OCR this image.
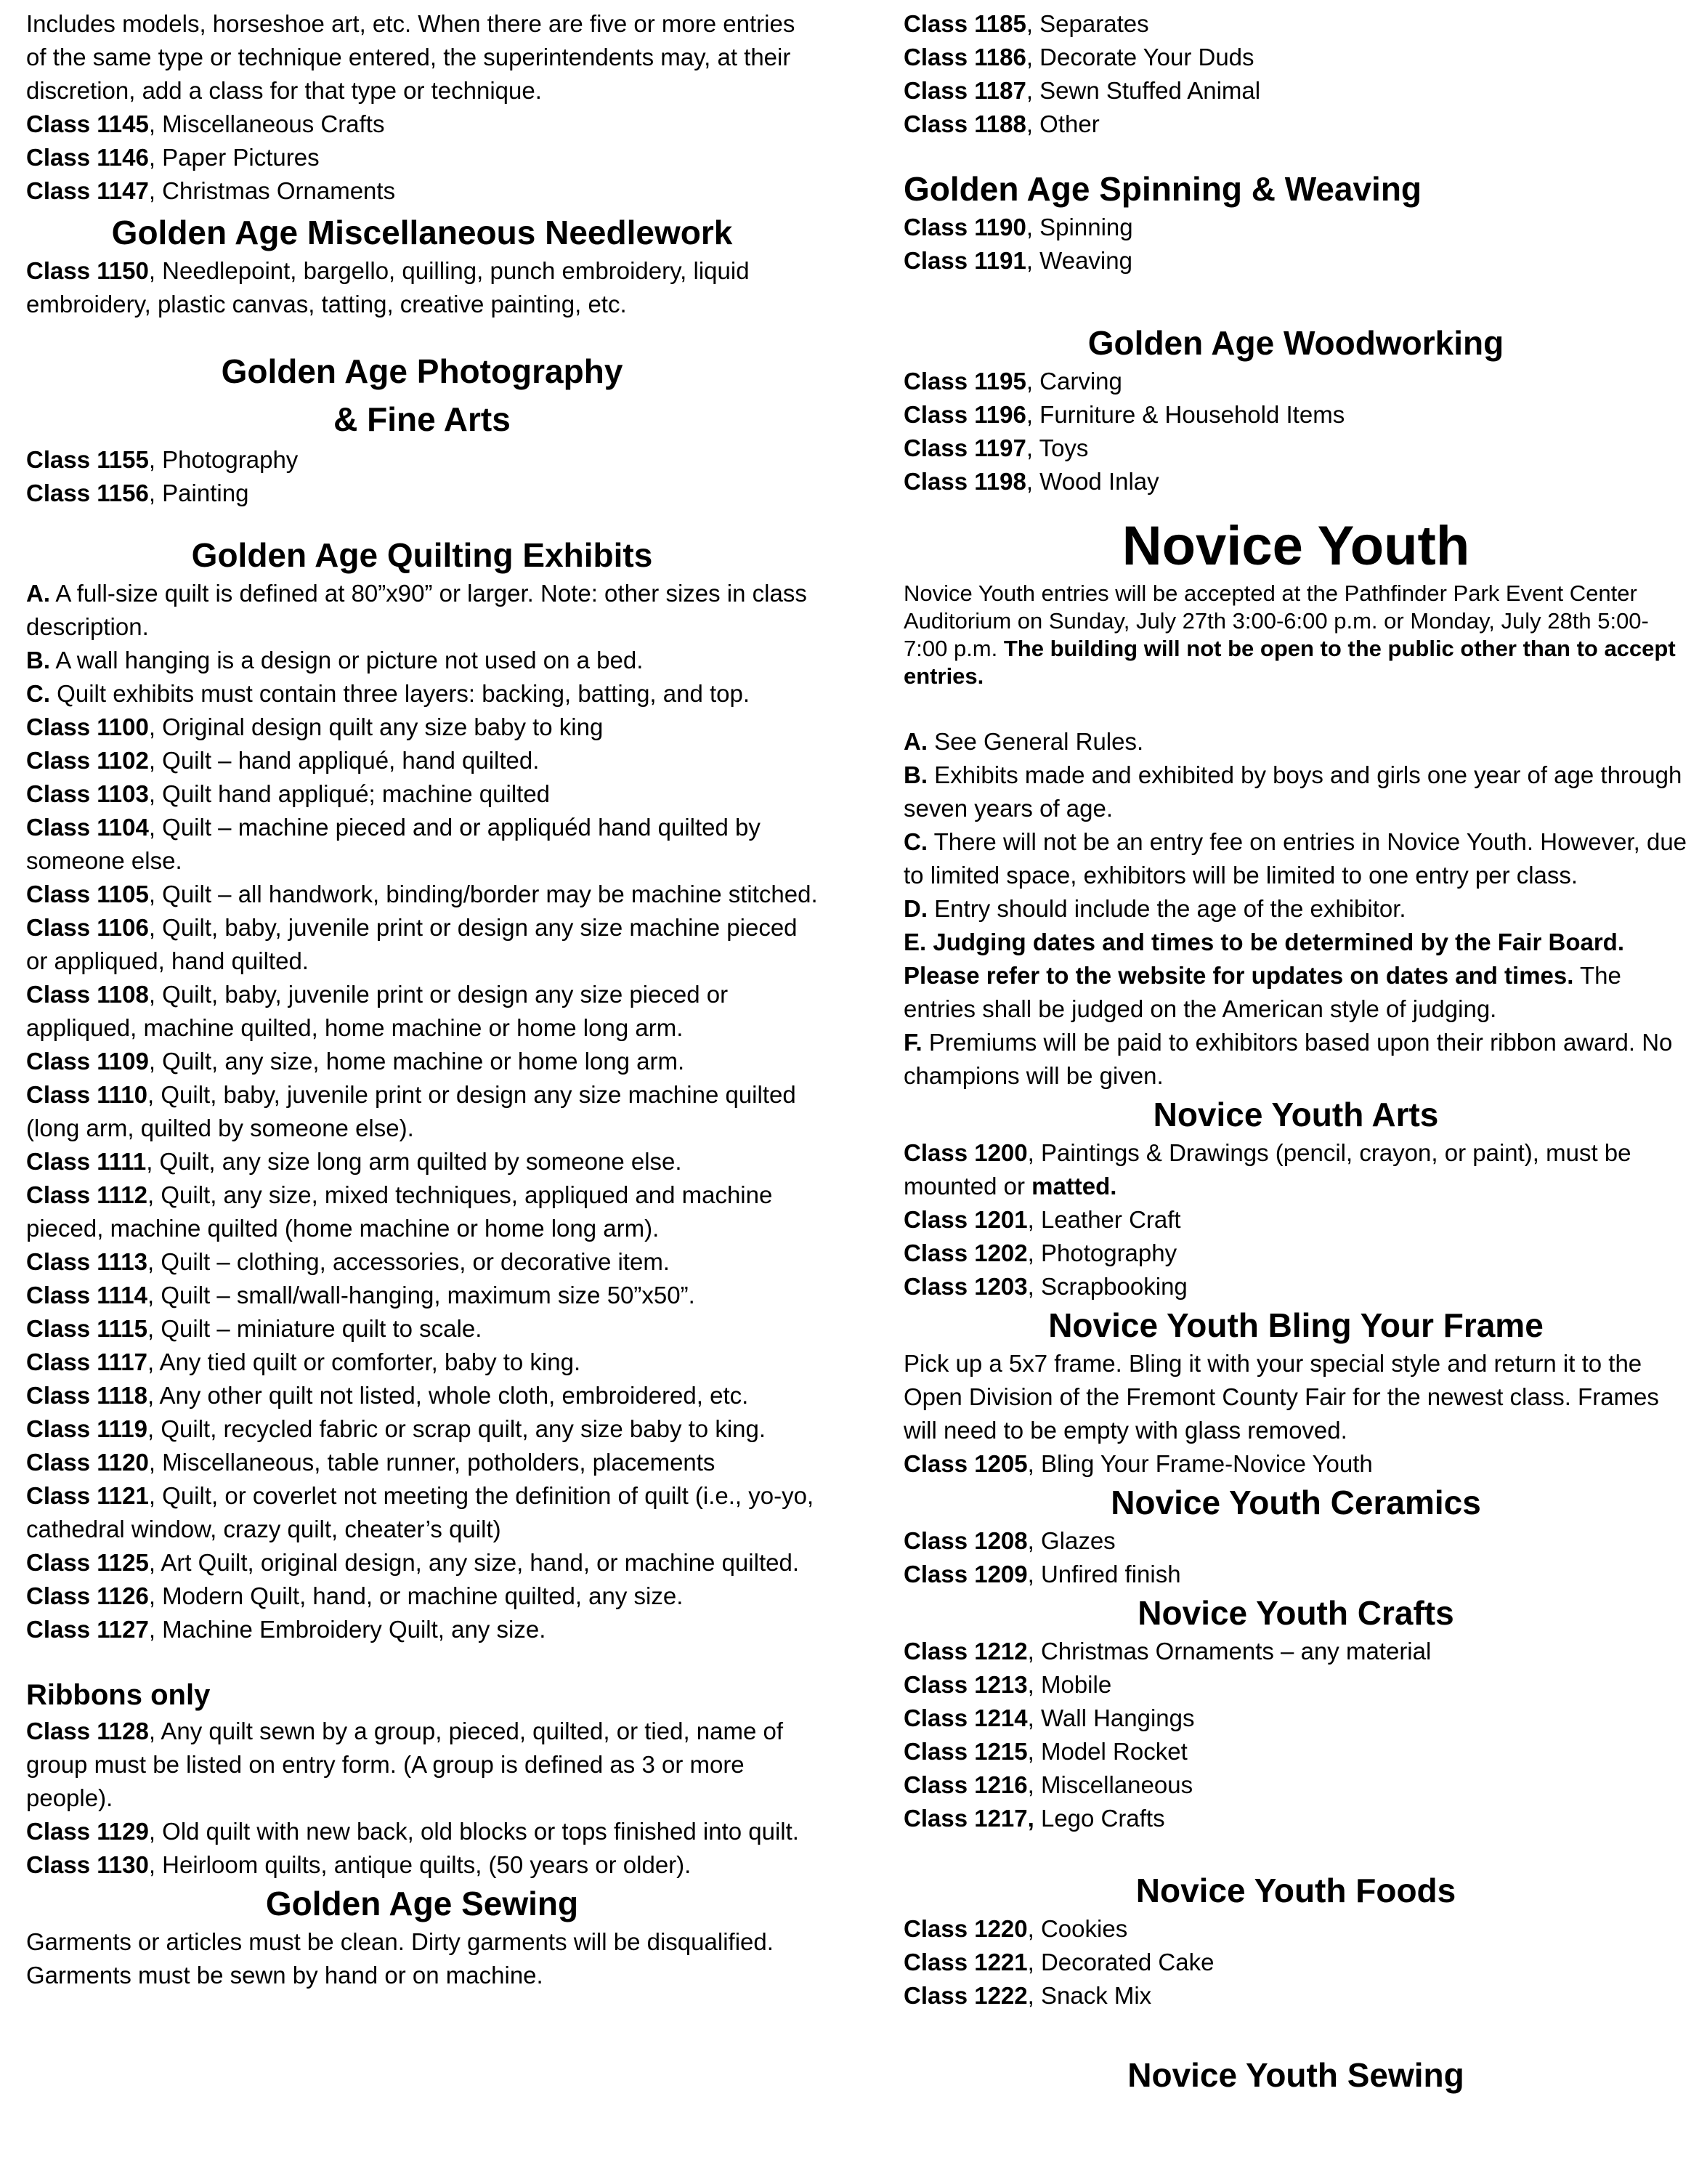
Includes models, horseshoe art, etc. When there are five or more entries of the same type or technique entered, the superintendents may, at their discretion, add a class for that type or technique.

Class 1145, Miscellaneous Crafts

Class 1146, Paper Pictures

Class 1147, Christmas Ornaments

Golden Age Miscellaneous Needlework

Class 1150, Needlepoint, bargello, quilling, punch embroidery, liquid embroidery, plastic canvas, tatting, creative painting, etc.

Golden Age Photography
& Fine Arts

Class 1155, Photography

Class 1156, Painting

Golden Age Quilting Exhibits

A. A full-size quilt is defined at 80”x90” or larger. Note: other sizes in class description.

B. A wall hanging is a design or picture not used on a bed.

C. Quilt exhibits must contain three layers: backing, batting, and top.

Class 1100, Original design quilt any size baby to king

Class 1102, Quilt – hand appliqué, hand quilted.

Class 1103, Quilt hand appliqué; machine quilted

Class 1104, Quilt – machine pieced and or appliquéd hand quilted by someone else.

Class 1105, Quilt – all handwork, binding/border may be machine stitched.

Class 1106, Quilt, baby, juvenile print or design any size machine pieced or appliqued, hand quilted.

Class 1108, Quilt, baby, juvenile print or design any size pieced or appliqued, machine quilted, home machine or home long arm.

Class 1109, Quilt, any size, home machine or home long arm.

Class 1110, Quilt, baby, juvenile print or design any size machine quilted (long arm, quilted by someone else).

Class 1111, Quilt, any size long arm quilted by someone else.

Class 1112, Quilt, any size, mixed techniques, appliqued and machine pieced, machine quilted (home machine or home long arm).

Class 1113, Quilt – clothing, accessories, or decorative item.

Class 1114, Quilt – small/wall-hanging, maximum size 50”x50”.

Class 1115, Quilt – miniature quilt to scale.

Class 1117, Any tied quilt or comforter, baby to king.

Class 1118, Any other quilt not listed, whole cloth, embroidered, etc.

Class 1119, Quilt, recycled fabric or scrap quilt, any size baby to king.

Class 1120, Miscellaneous, table runner, potholders, placements

Class 1121, Quilt, or coverlet not meeting the definition of quilt (i.e., yo-yo, cathedral window, crazy quilt, cheater’s quilt)

Class 1125, Art Quilt, original design, any size, hand, or machine quilted.

Class 1126, Modern Quilt, hand, or machine quilted, any size.

Class 1127, Machine Embroidery Quilt, any size.

Ribbons only

Class 1128, Any quilt sewn by a group, pieced, quilted, or tied, name of group must be listed on entry form. (A group is defined as 3 or more people).

Class 1129, Old quilt with new back, old blocks or tops finished into quilt.

Class 1130, Heirloom quilts, antique quilts, (50 years or older).

Golden Age Sewing

Garments or articles must be clean. Dirty garments will be disqualified. Garments must be sewn by hand or on machine.

Class 1185, Separates

Class 1186, Decorate Your Duds

Class 1187, Sewn Stuffed Animal

Class 1188, Other

Golden Age Spinning & Weaving

Class 1190, Spinning

Class 1191, Weaving

Golden Age Woodworking

Class 1195, Carving

Class 1196, Furniture & Household Items

Class 1197, Toys

Class 1198, Wood Inlay

Novice Youth

Novice Youth entries will be accepted at the Pathfinder Park Event Center Auditorium on Sunday, July 27th 3:00-6:00 p.m. or Monday, July 28th 5:00-7:00 p.m. The building will not be open to the public other than to accept entries.

A. See General Rules.

B. Exhibits made and exhibited by boys and girls one year of age through seven years of age.

C. There will not be an entry fee on entries in Novice Youth. However, due to limited space, exhibitors will be limited to one entry per class.

D. Entry should include the age of the exhibitor.

E. Judging dates and times to be determined by the Fair Board. Please refer to the website for updates on dates and times. The entries shall be judged on the American style of judging.

F. Premiums will be paid to exhibitors based upon their ribbon award. No champions will be given.

Novice Youth Arts

Class 1200, Paintings & Drawings (pencil, crayon, or paint), must be mounted or matted.

Class 1201, Leather Craft

Class 1202, Photography

Class 1203, Scrapbooking

Novice Youth Bling Your Frame

Pick up a 5x7 frame. Bling it with your special style and return it to the Open Division of the Fremont County Fair for the newest class. Frames will need to be empty with glass removed.

Class 1205, Bling Your Frame-Novice Youth

Novice Youth Ceramics

Class 1208, Glazes

Class 1209, Unfired finish

Novice Youth Crafts

Class 1212, Christmas Ornaments – any material

Class 1213, Mobile

Class 1214, Wall Hangings

Class 1215, Model Rocket

Class 1216, Miscellaneous

Class 1217, Lego Crafts

Novice Youth Foods

Class 1220, Cookies

Class 1221, Decorated Cake

Class 1222, Snack Mix

Novice Youth Sewing
